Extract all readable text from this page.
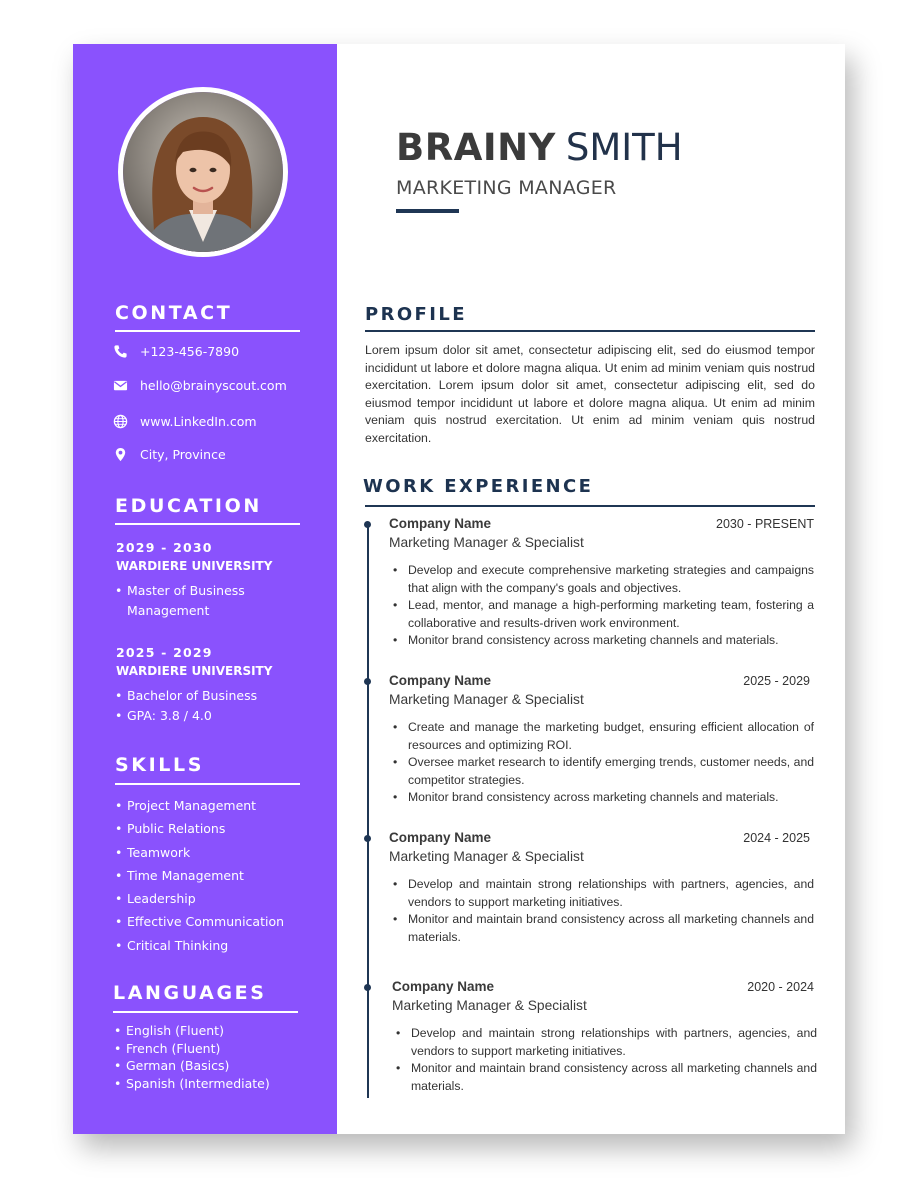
CONTACT
+123-456-7890
hello@brainyscout.com
www.LinkedIn.com
City, Province
EDUCATION
2029 - 2030
WARDIERE UNIVERSITY
• Master of Business Management
2025 - 2029
WARDIERE UNIVERSITY
• Bachelor of Business
• GPA: 3.8 / 4.0
SKILLS
• Project Management
• Public Relations
• Teamwork
• Time Management
• Leadership
• Effective Communication
• Critical Thinking
LANGUAGES
• English (Fluent)
• French (Fluent)
• German (Basics)
• Spanish (Intermediate)
BRAINY SMITH
MARKETING MANAGER
PROFILE
Lorem ipsum dolor sit amet, consectetur adipiscing elit, sed do eiusmod tempor incididunt ut labore et dolore magna aliqua. Ut enim ad minim veniam quis nostrud exercitation. Lorem ipsum dolor sit amet, consectetur adipiscing elit, sed do eiusmod tempor incididunt ut labore et dolore magna aliqua. Ut enim ad minim veniam quis nostrud exercitation. Ut enim ad minim veniam quis nostrud exercitation.
WORK EXPERIENCE
Company Name	2030 - PRESENT
Marketing Manager & Specialist
• Develop and execute comprehensive marketing strategies and campaigns that align with the company's goals and objectives.
• Lead, mentor, and manage a high-performing marketing team, fostering a collaborative and results-driven work environment.
• Monitor brand consistency across marketing channels and materials.
Company Name	2025 - 2029
Marketing Manager & Specialist
• Create and manage the marketing budget, ensuring efficient allocation of resources and optimizing ROI.
• Oversee market research to identify emerging trends, customer needs, and competitor strategies.
• Monitor brand consistency across marketing channels and materials.
Company Name	2024 - 2025
Marketing Manager & Specialist
• Develop and maintain strong relationships with partners, agencies, and vendors to support marketing initiatives.
• Monitor and maintain brand consistency across all marketing channels and materials.
Company Name	2020 - 2024
Marketing Manager & Specialist
• Develop and maintain strong relationships with partners, agencies, and vendors to support marketing initiatives.
• Monitor and maintain brand consistency across all marketing channels and materials.
